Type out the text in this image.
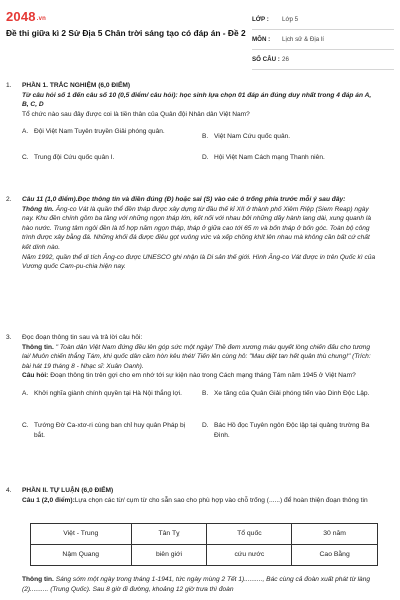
2048.vn
Đề thi giữa kì 2 Sử Địa 5 Chân trời sáng tạo có đáp án - Đề 2
LỚP :	Lớp 5
MÔN :	Lịch sử & Địa lí
SỐ CÂU : 26
1. PHẦN 1. TRẮC NGHIỆM (6,0 ĐIỂM)

Từ câu hỏi số 1 đến câu số 10 (0,5 điểm/ câu hỏi): học sinh lựa chọn 01 đáp án đúng duy nhất trong 4 đáp án A, B, C, D

Tổ chức nào sau đây được coi là tiền thân của Quân đội Nhân dân Việt Nam?

A. Đội Việt Nam Tuyên truyền Giải phóng quân.
B. Việt Nam Cứu quốc quân.
C. Trung đội Cứu quốc quân I.	D. Hội Việt Nam Cách mạng Thanh niên.
2. Câu 11 (1,0 điểm).Đọc thông tin và điền đúng (Đ) hoặc sai (S) vào các ô trống phía trước mỗi ý sau đây:

Thông tin. Ăng-co Vát là quần thể đền tháp được xây dựng từ đầu thế kỉ XII ở thành phố Xiêm Riệp (Siem Reap) ngày nay. Khu đền chính gồm ba tầng với những ngọn tháp lớn, kết nối với nhau bởi những dãy hành lang dài, xung quanh là hào nước. Trung tâm ngôi đền là tổ hợp năm ngọn tháp, tháp ở giữa cao tới 65 m và bốn tháp ở bốn góc. Toàn bộ công trình được xây bằng đá. Những khối đá được điêu gọt vuông vức và xếp chồng khít lên nhau mà không cần bất cứ chất kết dính nào.

Năm 1992, quần thể di tích Ăng-co được UNESCO ghi nhận là Di sản thế giới. Hình Ăng-co Vát được in trên Quốc kì của Vương quốc Cam-pu-chia hiện nay.

3. Đọc đoạn thông tin sau và trả lời câu hỏi:

Thông tin. " Toàn dân Việt Nam đứng đều lên góp sức một ngày/ Thề đem xương máu quyết lòng chiến đấu cho tương lai/ Muôn chiến thắng Tám, khi quốc dân cầm hòn kêu thét/ Tiến lên cùng hô: "Mau diệt tan hết quân thù chung!" (Trích: bài hát 19 tháng 8 - Nhạc sĩ: Xuân Oanh).

Câu hỏi: Đoạn thông tin trên gợi cho em nhớ tới sự kiện nào trong Cách mạng tháng Tám năm 1945 ở Việt Nam?

A. Khởi nghĩa giành chính quyền tại Hà Nội thắng lợi.	B. Xe tăng của Quân Giải phóng tiến vào Dinh Độc Lập.
C. Tướng Đờ Ca-xtơ-ri cùng ban chỉ huy quân Pháp bị bắt.
D. Bác Hồ đọc Tuyên ngôn Độc lập tại quảng trường Ba Đình.
4. PHẦN II. TỰ LUẬN (6,0 ĐIỂM)

Câu 1 (2,0 điểm):Lựa chọn các từ/ cụm từ cho sẵn sao cho phù hợp vào chỗ trống (......) để hoàn thiện đoạn thông tin

Việt - Trung	Tân Tỵ	Tổ quốc	30 năm
Nậm Quang	biên giới	cứu nước	Cao Bằng

Thông tin. Sáng sớm một ngày trong tháng 1-1941, tức ngày mùng 2 Tết 1).........., Bác cùng cả đoàn xuất phát từ làng (2).......... (Trung Quốc). Sau 8 giờ đi đường, khoảng 12 giờ trưa thì đoàn
